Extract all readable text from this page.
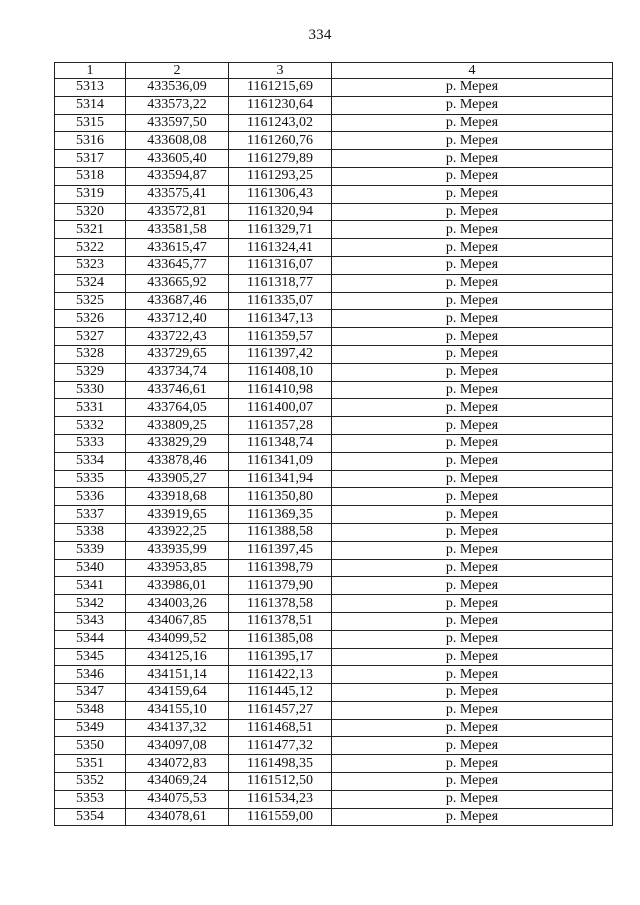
334
1	2	3	4
5313	433536,09	1161215,69	р. Мерея
5314	433573,22	1161230,64	р. Мерея
5315	433597,50	1161243,02	р. Мерея
5316	433608,08	1161260,76	р. Мерея
5317	433605,40	1161279,89	р. Мерея
5318	433594,87	1161293,25	р. Мерея
5319	433575,41	1161306,43	р. Мерея
5320	433572,81	1161320,94	р. Мерея
5321	433581,58	1161329,71	р. Мерея
5322	433615,47	1161324,41	р. Мерея
5323	433645,77	1161316,07	р. Мерея
5324	433665,92	1161318,77	р. Мерея
5325	433687,46	1161335,07	р. Мерея
5326	433712,40	1161347,13	р. Мерея
5327	433722,43	1161359,57	р. Мерея
5328	433729,65	1161397,42	р. Мерея
5329	433734,74	1161408,10	р. Мерея
5330	433746,61	1161410,98	р. Мерея
5331	433764,05	1161400,07	р. Мерея
5332	433809,25	1161357,28	р. Мерея
5333	433829,29	1161348,74	р. Мерея
5334	433878,46	1161341,09	р. Мерея
5335	433905,27	1161341,94	р. Мерея
5336	433918,68	1161350,80	р. Мерея
5337	433919,65	1161369,35	р. Мерея
5338	433922,25	1161388,58	р. Мерея
5339	433935,99	1161397,45	р. Мерея
5340	433953,85	1161398,79	р. Мерея
5341	433986,01	1161379,90	р. Мерея
5342	434003,26	1161378,58	р. Мерея
5343	434067,85	1161378,51	р. Мерея
5344	434099,52	1161385,08	р. Мерея
5345	434125,16	1161395,17	р. Мерея
5346	434151,14	1161422,13	р. Мерея
5347	434159,64	1161445,12	р. Мерея
5348	434155,10	1161457,27	р. Мерея
5349	434137,32	1161468,51	р. Мерея
5350	434097,08	1161477,32	р. Мерея
5351	434072,83	1161498,35	р. Мерея
5352	434069,24	1161512,50	р. Мерея
5353	434075,53	1161534,23	р. Мерея
5354	434078,61	1161559,00	р. Мерея
